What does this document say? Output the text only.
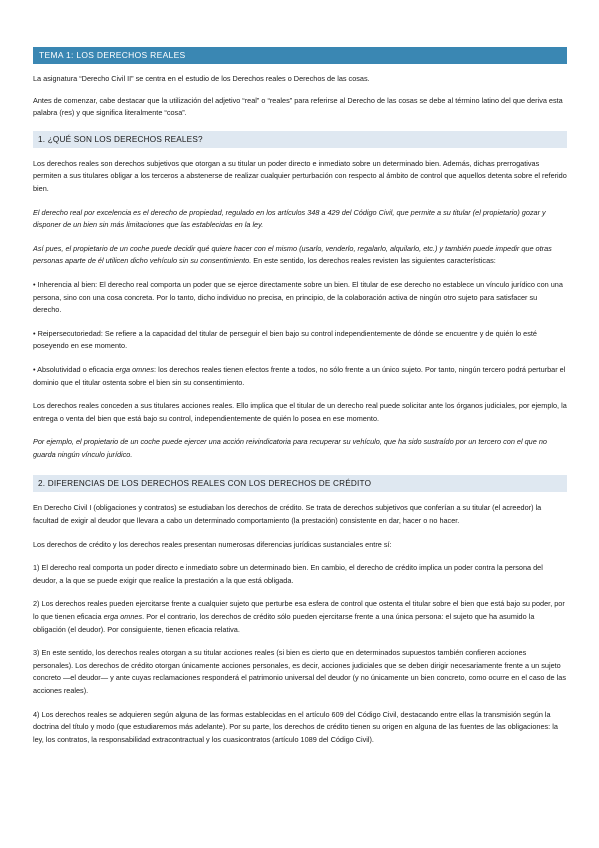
TEMA 1: LOS DERECHOS REALES

La asignatura “Derecho Civil II” se centra en el estudio de los Derechos reales o Derechos de las cosas.

Antes de comenzar, cabe destacar que la utilización del adjetivo “real” o “reales” para referirse al Derecho de las cosas se debe al término latino del que deriva esta palabra (res) y que significa literalmente “cosa”.

1. ¿QUÉ SON LOS DERECHOS REALES?

Los derechos reales son derechos subjetivos que otorgan a su titular un poder directo e inmediato sobre un determinado bien. Además, dichas prerrogativas permiten a sus titulares obligar a los terceros a abstenerse de realizar cualquier perturbación con respecto al ámbito de control que aquellos detenta sobre el referido bien.

El derecho real por excelencia es el derecho de propiedad, regulado en los artículos 348 a 429 del Código Civil, que permite a su titular (el propietario) gozar y disponer de un bien sin más limitaciones que las establecidas en la ley.

Así pues, el propietario de un coche puede decidir qué quiere hacer con el mismo (usarlo, venderlo, regalarlo, alquilarlo, etc.) y también puede impedir que otras personas aparte de él utilicen dicho vehículo sin su consentimiento. En este sentido, los derechos reales revisten las siguientes características:

• Inherencia al bien: El derecho real comporta un poder que se ejerce directamente sobre un bien. El titular de ese derecho no establece un vínculo jurídico con una persona, sino con una cosa concreta. Por lo tanto, dicho individuo no precisa, en principio, de la colaboración activa de ningún otro sujeto para satisfacer su derecho.

• Reipersecutoriedad: Se refiere a la capacidad del titular de perseguir el bien bajo su control independientemente de dónde se encuentre y de quién lo esté poseyendo en ese momento.

• Absolutividad o eficacia erga omnes: los derechos reales tienen efectos frente a todos, no sólo frente a un único sujeto. Por tanto, ningún tercero podrá perturbar el dominio que el titular ostenta sobre el bien sin su consentimiento.

Los derechos reales conceden a sus titulares acciones reales. Ello implica que el titular de un derecho real puede solicitar ante los órganos judiciales, por ejemplo, la entrega o venta del bien que está bajo su control, independientemente de quién lo posea en ese momento.

Por ejemplo, el propietario de un coche puede ejercer una acción reivindicatoria para recuperar su vehículo, que ha sido sustraído por un tercero con el que no guarda ningún vínculo jurídico.

2. DIFERENCIAS DE LOS DERECHOS REALES CON LOS DERECHOS DE CRÉDITO

En Derecho Civil I (obligaciones y contratos) se estudiaban los derechos de crédito. Se trata de derechos subjetivos que conferían a su titular (el acreedor) la facultad de exigir al deudor que llevara a cabo un determinado comportamiento (la prestación) consistente en dar, hacer o no hacer.

Los derechos de crédito y los derechos reales presentan numerosas diferencias jurídicas sustanciales entre sí:

1) El derecho real comporta un poder directo e inmediato sobre un determinado bien. En cambio, el derecho de crédito implica un poder contra la persona del deudor, a la que se puede exigir que realice la prestación a la que está obligada.

2) Los derechos reales pueden ejercitarse frente a cualquier sujeto que perturbe esa esfera de control que ostenta el titular sobre el bien que está bajo su poder, por lo que tienen eficacia erga omnes. Por el contrario, los derechos de crédito sólo pueden ejercitarse frente a una única persona: el sujeto que ha asumido la obligación (el deudor). Por consiguiente, tienen eficacia relativa.

3) En este sentido, los derechos reales otorgan a su titular acciones reales (si bien es cierto que en determinados supuestos también confieren acciones personales). Los derechos de crédito otorgan únicamente acciones personales, es decir, acciones judiciales que se deben dirigir necesariamente frente a un sujeto concreto —el deudor— y ante cuyas reclamaciones responderá el patrimonio universal del deudor (y no únicamente un bien concreto, como ocurre en el caso de las acciones reales).

4) Los derechos reales se adquieren según alguna de las formas establecidas en el artículo 609 del Código Civil, destacando entre ellas la transmisión según la doctrina del título y modo (que estudiaremos más adelante). Por su parte, los derechos de crédito tienen su origen en alguna de las fuentes de las obligaciones: la ley, los contratos, la responsabilidad extracontractual y los cuasicontratos (artículo 1089 del Código Civil).
